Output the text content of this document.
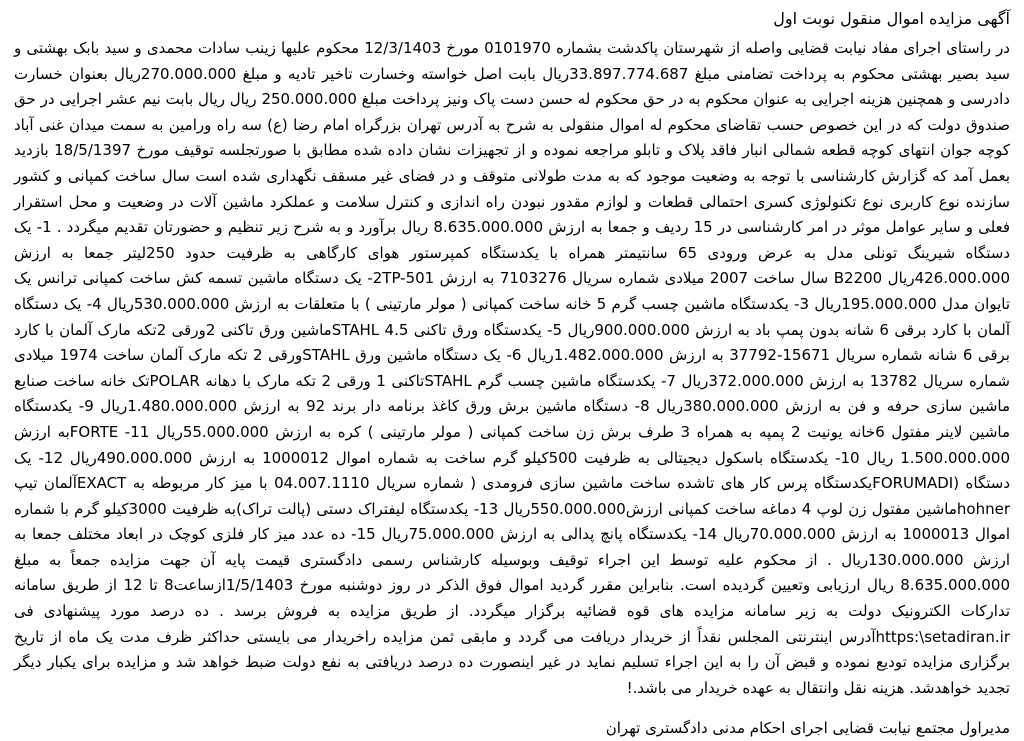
آگهی مزایده اموال منقول نوبت اول
در راستای اجرای مفاد نیابت قضایی واصله از شهرستان پاکدشت بشماره 0101970 مورخ 12/3/1403 محکوم علیها زینب سادات محمدی و سید بابک بهشتی و سید بصیر بهشتی محکوم به پرداخت تضامنی مبلغ 33.897.774.687ریال بابت اصل خواسته وخسارت تاخیر تادیه و مبلغ 270.000.000ریال بعنوان خسارت دادرسی و همچنین هزینه اجرایی به عنوان محکوم به در حق محکوم له حسن دست پاک ونیز پرداخت مبلغ 250.000.000 ریال ریال بابت نیم عشر اجرایی در حق صندوق دولت که در این خصوص حسب تقاضای محکوم له اموال منقولی به شرح به آدرس تهران بزرگراه امام رضا (ع) سه راه ورامین به سمت میدان غنی آباد کوچه جوان انتهای کوچه قطعه شمالی انبار فاقد پلاک و تابلو مراجعه نموده و از تجهیزات نشان داده شده مطابق با صورتجلسه توقیف مورخ 18/5/1397 بازدید بعمل آمد که گزارش کارشناسی با توجه به وضعیت موجود که به مدت طولانی متوقف و در فضای غیر مسقف نگهداری شده است سال ساخت کمپانی و کشور سازنده نوع کاربری نوع تکنولوژی کسری احتمالی قطعات و لوازم مقدور نبودن راه اندازی و کنترل سلامت و عملکرد ماشین آلات در وضعیت و محل استقرار فعلی و سایر عوامل موثر در امر کارشناسی در 15 ردیف و جمعا به ارزش 8.635.000.000 ریال برآورد و به شرح زیر تنظیم و حضورتان تقدیم میگردد . 1- یک دستگاه شیرینگ تونلی مدل به عرض ورودی 65 سانتیمتر همراه با یکدستگاه کمپرستور هوای کارگاهی به ظرفیت حدود 250لیتر جمعا به ارزش 426.000.000ریال B2200 سال ساخت 2007 میلادی شماره سریال 7103276 به ارزش 2TP-501- یک دستگاه ماشین تسمه کش ساخت کمپانی ترانس یک تایوان مدل 195.000.000ریال 3- یکدستگاه ماشین چسب گرم 5 خانه ساخت کمپانی ( مولر مارتینی ) با متعلقات به ارزش 530.000.000ریال 4- یک دستگاه آلمان با کارد برقی 6 شانه بدون پمپ باد به ارزش 900.000.000ریال 5- یکدستگاه ورق تاکنی STAHL 4.5ماشین ورق تاکنی 2ورقی 2تکه مارک آلمان با کارد برقی 6 شانه شماره سریال 15671-37792 به ارزش 1.482.000.000ریال 6- یک دستگاه ماشین ورق STAHLورقی 2 تکه مارک آلمان ساخت 1974 میلادی شماره سریال 13782 به ارزش 372.000.000ریال 7- یکدستگاه ماشین چسب گرم STAHLتاکنی 1 ورقی 2 تکه مارک با دهانه POLARتک خانه ساخت صنایع ماشین سازی حرفه و فن به ارزش 380.000.000ریال 8- دستگاه ماشین برش ورق کاغذ برنامه دار برند 92 به ارزش 1.480.000.000ریال 9- یکدستگاه ماشین لاینر مفتول 6خانه یونیت 2 پمپه به همراه 3 طرف برش زن ساخت کمپانی ( مولر مارتینی ) کره به ارزش 55.000.000ریال 11- FORTEبه ارزش 1.500.000.000 ریال 10- یکدستگاه باسکول دیجیتالی به ظرفیت 500کیلو گرم ساخت به شماره اموال 1000012 به ارزش 490.000.000ریال 12- یک دستگاه (FORUMADIیکدستگاه پرس کار های تاشده ساخت ماشین سازی فرومدی ( شماره سریال 04.007.1110 با میز کار مربوطه به EXACTآلمان تیپ hohnerماشین مفتول زن لوپ 4 دماغه ساخت کمپانی ارزش550.000.000ریال 13- یکدستگاه لیفتراک دستی (پالت تراک)به ظرفیت 3000کیلو گرم با شماره اموال 1000013 به ارزش 70.000.000ریال 14- یکدستگاه پانچ پدالی به ارزش 75.000.000ریال 15- ده عدد میز کار فلزی کوچک در ابعاد مختلف جمعا به ارزش 130.000.000ریال . از محکوم علیه توسط این اجراء توقیف وبوسیله کارشناس رسمی دادگستری قیمت پایه آن جهت مزایده جمعاً به مبلغ 8.635.000.000 ریال ارزیابی وتعیین گردیده است. بنابراین مقرر گردید اموال فوق الذکر در روز دوشنبه مورخ 1/5/1403ازساعت8 تا 12 از طریق سامانه تدارکات الکترونیک دولت به زیر سامانه مزایده های قوه قضائیه برگزار میگردد. از طریق مزایده به فروش برسد . ده درصد مورد پیشنهادی فی https:\setadiran.irآدرس اینترنتی المجلس نقداً از خریدار دریافت می گردد و مابقی ثمن مزایده راخریدار می بایستی حداکثر ظرف مدت یک ماه از تاریخ برگزاری مزایده تودیع نموده و قبض آن را به این اجراء تسلیم نماید در غیر اینصورت ده درصد دریافتی به نفع دولت ضبط خواهد شد و مزایده برای یکبار دیگر تجدید خواهدشد. هزینه نقل وانتقال به عهده خریدار می باشد.!
مدیراول مجتمع نیابت قضایی اجرای احکام مدنی دادگستری تهران
